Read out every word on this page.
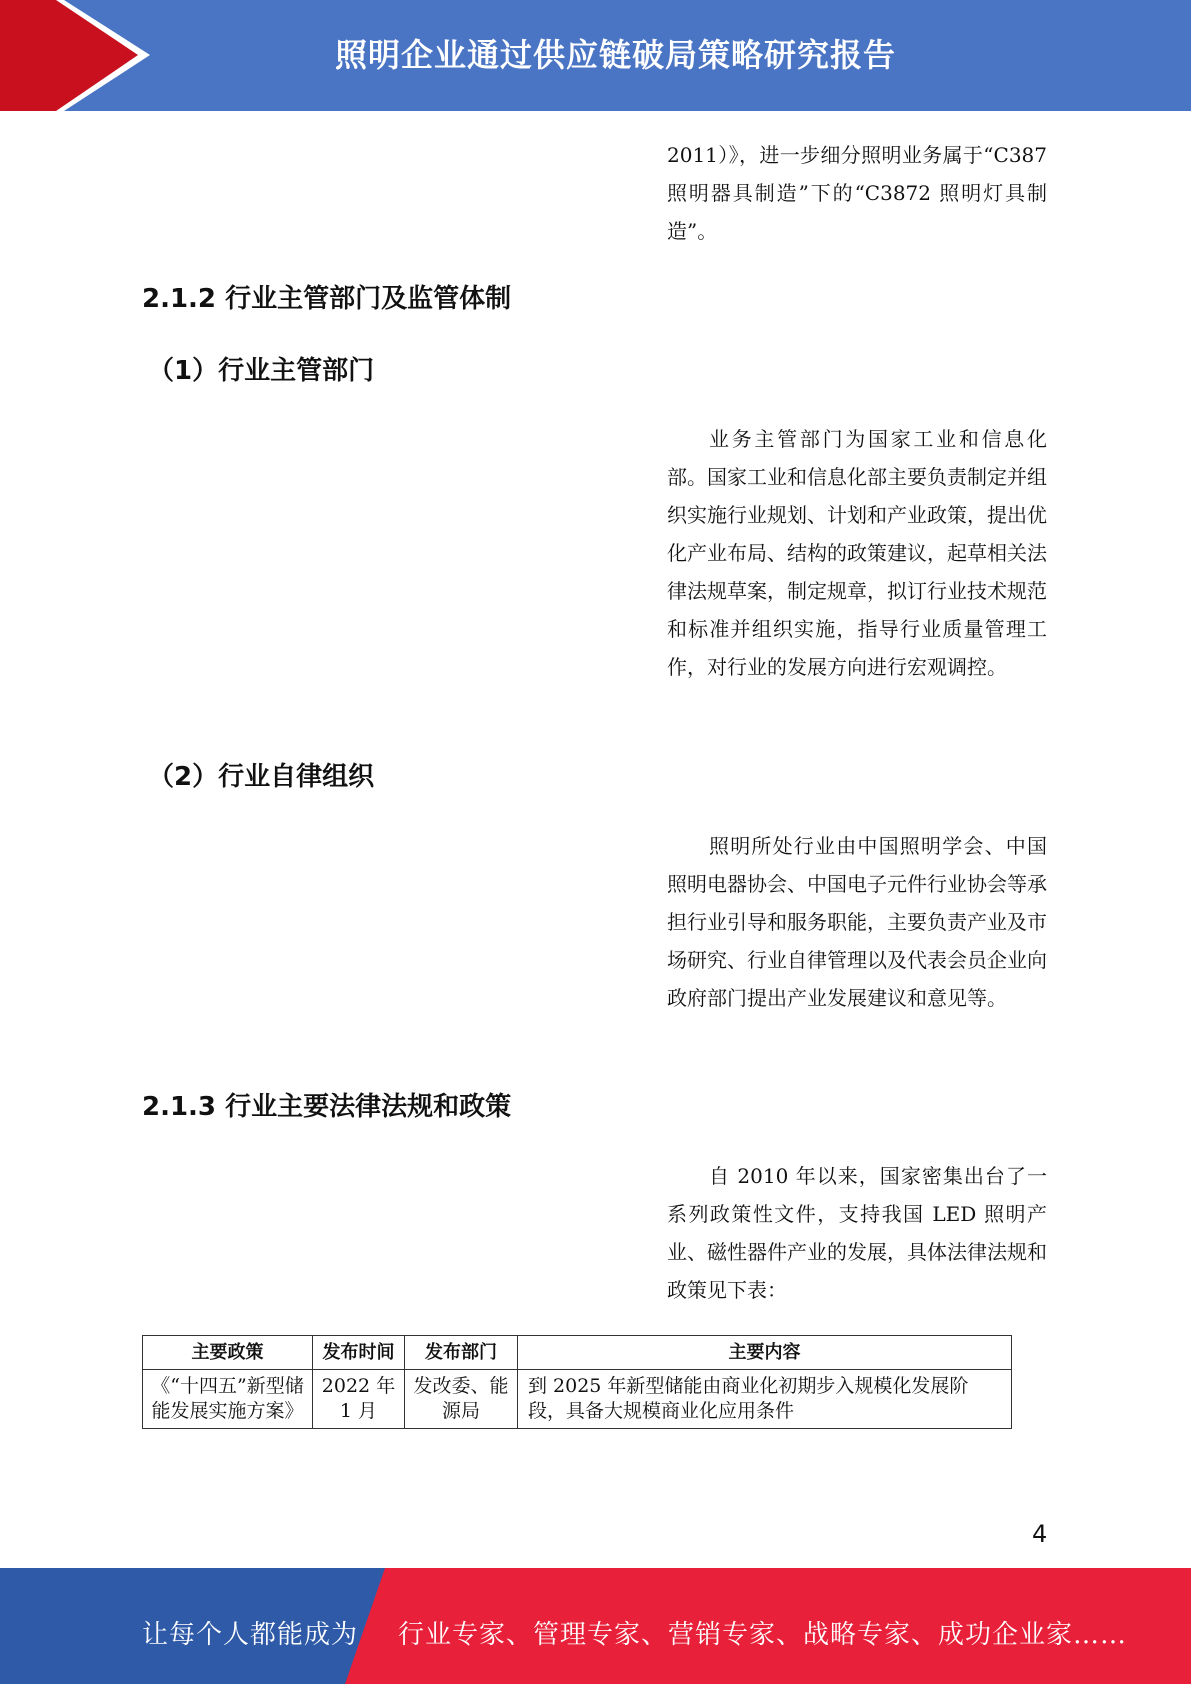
照明企业通过供应链破局策略研究报告

2011）》，进一步细分照明业务属于“C387 照明器具制造”下的“C3872 照明灯具制造”。

2.1.2 行业主管部门及监管体制
（1）行业主管部门

业务主管部门为国家工业和信息化部。国家工业和信息化部主要负责制定并组织实施行业规划、计划和产业政策，提出优化产业布局、结构的政策建议，起草相关法律法规草案，制定规章，拟订行业技术规范和标准并组织实施，指导行业质量管理工作，对行业的发展方向进行宏观调控。

（2）行业自律组织

照明所处行业由中国照明学会、中国照明电器协会、中国电子元件行业协会等承担行业引导和服务职能，主要负责产业及市场研究、行业自律管理以及代表会员企业向政府部门提出产业发展建议和意见等。

2.1.3 行业主要法律法规和政策

自 2010 年以来，国家密集出台了一系列政策性文件，支持我国 LED 照明产业、磁性器件产业的发展，具体法律法规和政策见下表：

主要政策	发布时间	发布部门	主要内容
《“十四五”新型储能发展实施方案》	2022 年 1 月	发改委、能源局	到 2025 年新型储能由商业化初期步入规模化发展阶段，具备大规模商业化应用条件
4
让每个人都能成为 行业专家、管理专家、营销专家、战略专家、成功企业家……
